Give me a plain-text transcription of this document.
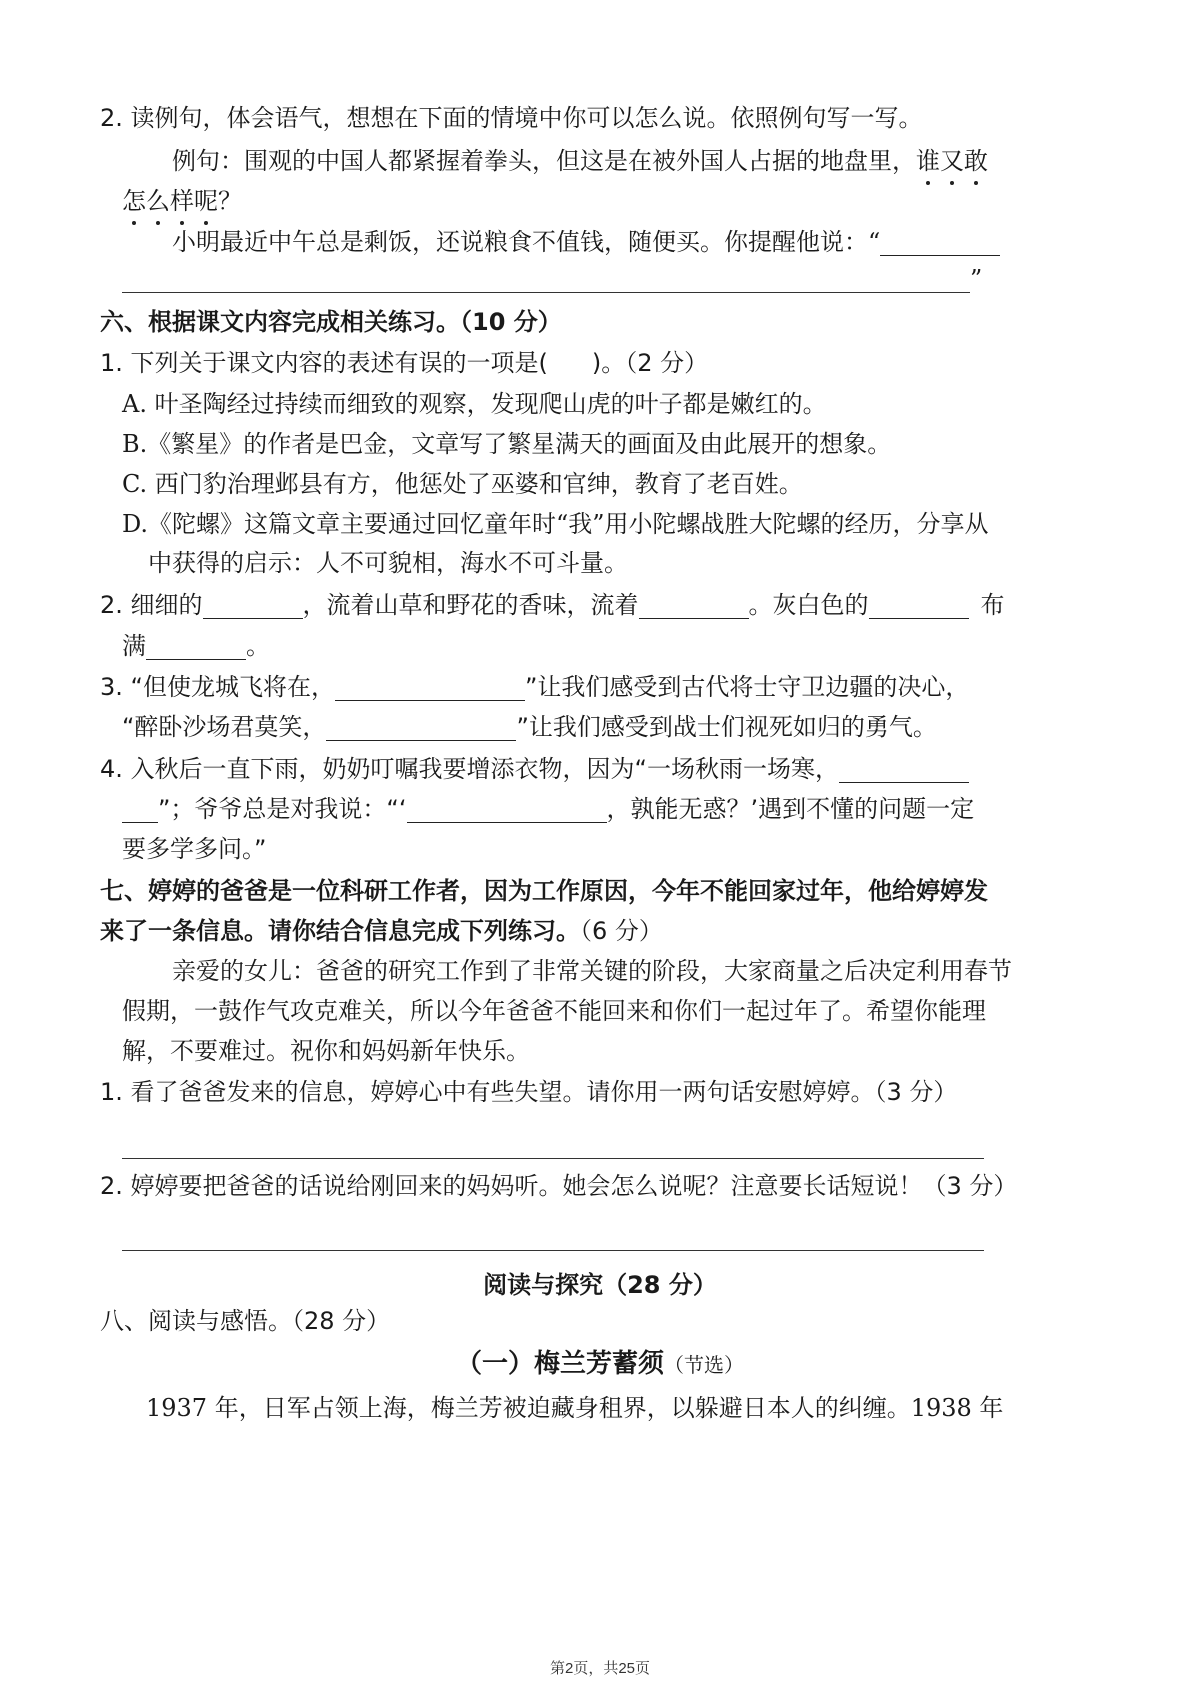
2. 读例句，体会语气，想想在下面的情境中你可以怎么说。依照例句写一写。
例句：围观的中国人都紧握着拳头，但这是在被外国人占据的地盘里，谁又敢
怎么样呢？
小明最近中午总是剩饭，还说粮食不值钱，随便买。你提醒他说：“
”
六、根据课文内容完成相关练习。（10 分）
1. 下列关于课文内容的表述有误的一项是( )。（2 分）
A. 叶圣陶经过持续而细致的观察，发现爬山虎的叶子都是嫩红的。
B.《繁星》的作者是巴金，文章写了繁星满天的画面及由此展开的想象。
C. 西门豹治理邺县有方，他惩处了巫婆和官绅，教育了老百姓。
D.《陀螺》这篇文章主要通过回忆童年时“我”用小陀螺战胜大陀螺的经历，分享从
中获得的启示：人不可貌相，海水不可斗量。
2. 细细的	，流着山草和野花的香味，流着	。灰白色的	布
满	。
3. “但使龙城飞将在，	”让我们感受到古代将士守卫边疆的决心，
“醉卧沙场君莫笑，	”让我们感受到战士们视死如归的勇气。
4. 入秋后一直下雨，奶奶叮嘱我要增添衣物，因为“一场秋雨一场寒，
”；爷爷总是对我说：“‘	，孰能无惑？’遇到不懂的问题一定
要多学多问。”
七、婷婷的爸爸是一位科研工作者，因为工作原因，今年不能回家过年，他给婷婷发
来了一条信息。请你结合信息完成下列练习。（6 分）
亲爱的女儿：爸爸的研究工作到了非常关键的阶段，大家商量之后决定利用春节
假期，一鼓作气攻克难关，所以今年爸爸不能回来和你们一起过年了。希望你能理
解，不要难过。祝你和妈妈新年快乐。
1. 看了爸爸发来的信息，婷婷心中有些失望。请你用一两句话安慰婷婷。（3 分）
2. 婷婷要把爸爸的话说给刚回来的妈妈听。她会怎么说呢？注意要长话短说！（3 分）
阅读与探究（28 分）
八、阅读与感悟。（28 分）
（一）梅兰芳蓄须（节选）
1937 年，日军占领上海，梅兰芳被迫藏身租界，以躲避日本人的纠缠。1938 年
第2页，共25页
